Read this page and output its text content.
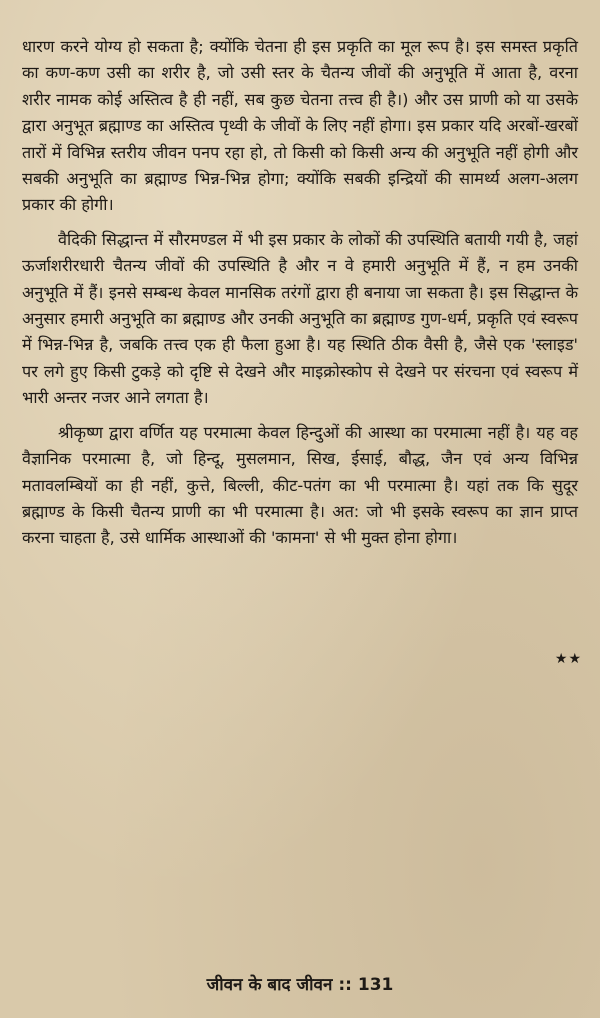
धारण करने योग्य हो सकता है; क्योंकि चेतना ही इस प्रकृति का मूल रूप है। इस समस्त प्रकृति का कण-कण उसी का शरीर है, जो उसी स्तर के चैतन्य जीवों की अनुभूति में आता है, वरना शरीर नामक कोई अस्तित्व है ही नहीं, सब कुछ चेतना तत्त्व ही है।) और उस प्राणी को या उसके द्वारा अनुभूत ब्रह्माण्ड का अस्तित्व पृथ्वी के जीवों के लिए नहीं होगा। इस प्रकार यदि अरबों-खरबों तारों में विभिन्न स्तरीय जीवन पनप रहा हो, तो किसी को किसी अन्य की अनुभूति नहीं होगी और सबकी अनुभूति का ब्रह्माण्ड भिन्न-भिन्न होगा; क्योंकि सबकी इन्द्रियों की सामर्थ्य अलग-अलग प्रकार की होगी।

वैदिकी सिद्धान्त में सौरमण्डल में भी इस प्रकार के लोकों की उपस्थिति बतायी गयी है, जहां ऊर्जाशरीरधारी चैतन्य जीवों की उपस्थिति है और न वे हमारी अनुभूति में हैं, न हम उनकी अनुभूति में हैं। इनसे सम्बन्ध केवल मानसिक तरंगों द्वारा ही बनाया जा सकता है। इस सिद्धान्त के अनुसार हमारी अनुभूति का ब्रह्माण्ड और उनकी अनुभूति का ब्रह्माण्ड गुण-धर्म, प्रकृति एवं स्वरूप में भिन्न-भिन्न है, जबकि तत्त्व एक ही फैला हुआ है। यह स्थिति ठीक वैसी है, जैसे एक 'स्लाइड' पर लगे हुए किसी टुकड़े को दृष्टि से देखने और माइक्रोस्कोप से देखने पर संरचना एवं स्वरूप में भारी अन्तर नजर आने लगता है।

श्रीकृष्ण द्वारा वर्णित यह परमात्मा केवल हिन्दुओं की आस्था का परमात्मा नहीं है। यह वह वैज्ञानिक परमात्मा है, जो हिन्दू, मुसलमान, सिख, ईसाई, बौद्ध, जैन एवं अन्य विभिन्न मतावलम्बियों का ही नहीं, कुत्ते, बिल्ली, कीट-पतंग का भी परमात्मा है। यहां तक कि सुदूर ब्रह्माण्ड के किसी चैतन्य प्राणी का भी परमात्मा है। अत: जो भी इसके स्वरूप का ज्ञान प्राप्त करना चाहता है, उसे धार्मिक आस्थाओं की 'कामना' से भी मुक्त होना होगा।

★★
जीवन के बाद जीवन :: 131
